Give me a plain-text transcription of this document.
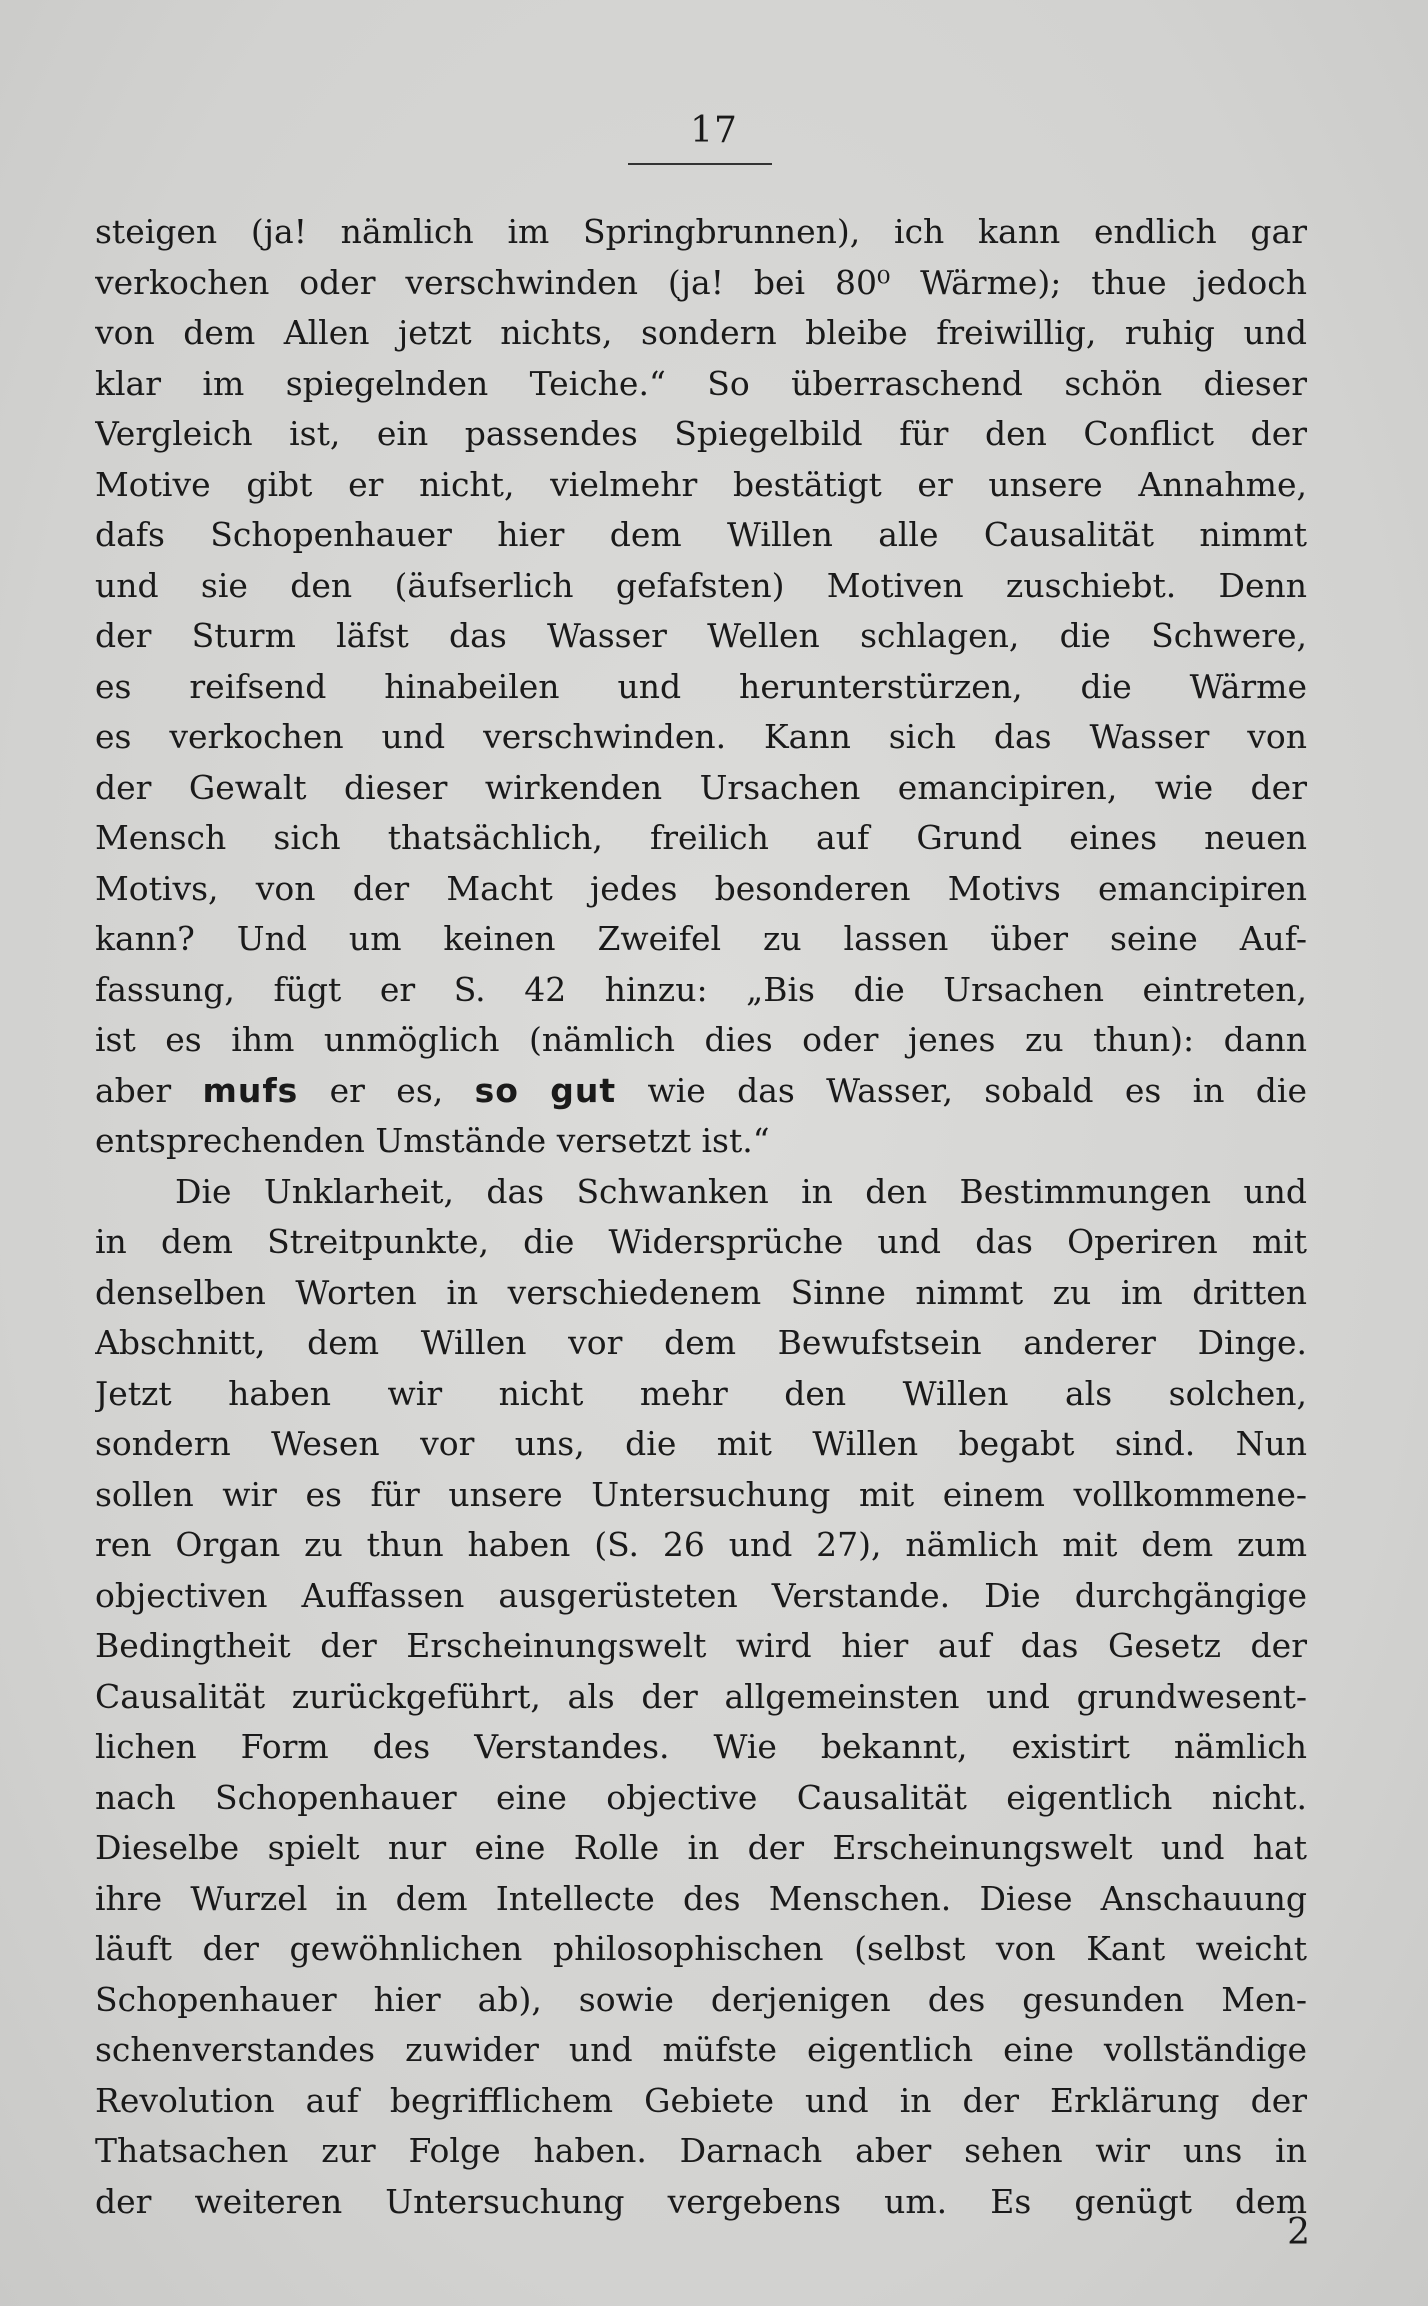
17
steigen (ja! nämlich im Springbrunnen), ich kann endlich gar
verkochen oder verschwinden (ja! bei 80⁰ Wärme); thue jedoch
von dem Allen jetzt nichts, sondern bleibe freiwillig, ruhig und
klar im spiegelnden Teiche.“ So überraschend schön dieser
Vergleich ist, ein passendes Spiegelbild für den Conflict der
Motive gibt er nicht, vielmehr bestätigt er unsere Annahme,
dafs Schopenhauer hier dem Willen alle Causalität nimmt
und sie den (äufserlich gefafsten) Motiven zuschiebt. Denn
der Sturm läfst das Wasser Wellen schlagen, die Schwere,
es reifsend hinabeilen und herunterstürzen, die Wärme
es verkochen und verschwinden. Kann sich das Wasser von
der Gewalt dieser wirkenden Ursachen emancipiren, wie der
Mensch sich thatsächlich, freilich auf Grund eines neuen
Motivs, von der Macht jedes besonderen Motivs emancipiren
kann? Und um keinen Zweifel zu lassen über seine Auf-
fassung, fügt er S. 42 hinzu: „Bis die Ursachen eintreten,
ist es ihm unmöglich (nämlich dies oder jenes zu thun): dann
aber mufs er es, so gut wie das Wasser, sobald es in die
entsprechenden Umstände versetzt ist.“
Die Unklarheit, das Schwanken in den Bestimmungen und
in dem Streitpunkte, die Widersprüche und das Operiren mit
denselben Worten in verschiedenem Sinne nimmt zu im dritten
Abschnitt, dem Willen vor dem Bewufstsein anderer Dinge.
Jetzt haben wir nicht mehr den Willen als solchen,
sondern Wesen vor uns, die mit Willen begabt sind. Nun
sollen wir es für unsere Untersuchung mit einem vollkommene-
ren Organ zu thun haben (S. 26 und 27), nämlich mit dem zum
objectiven Auffassen ausgerüsteten Verstande. Die durchgängige
Bedingtheit der Erscheinungswelt wird hier auf das Gesetz der
Causalität zurückgeführt, als der allgemeinsten und grundwesent-
lichen Form des Verstandes. Wie bekannt, existirt nämlich
nach Schopenhauer eine objective Causalität eigentlich nicht.
Dieselbe spielt nur eine Rolle in der Erscheinungswelt und hat
ihre Wurzel in dem Intellecte des Menschen. Diese Anschauung
läuft der gewöhnlichen philosophischen (selbst von Kant weicht
Schopenhauer hier ab), sowie derjenigen des gesunden Men-
schenverstandes zuwider und müfste eigentlich eine vollständige
Revolution auf begrifflichem Gebiete und in der Erklärung der
Thatsachen zur Folge haben. Darnach aber sehen wir uns in
der weiteren Untersuchung vergebens um. Es genügt dem
2
